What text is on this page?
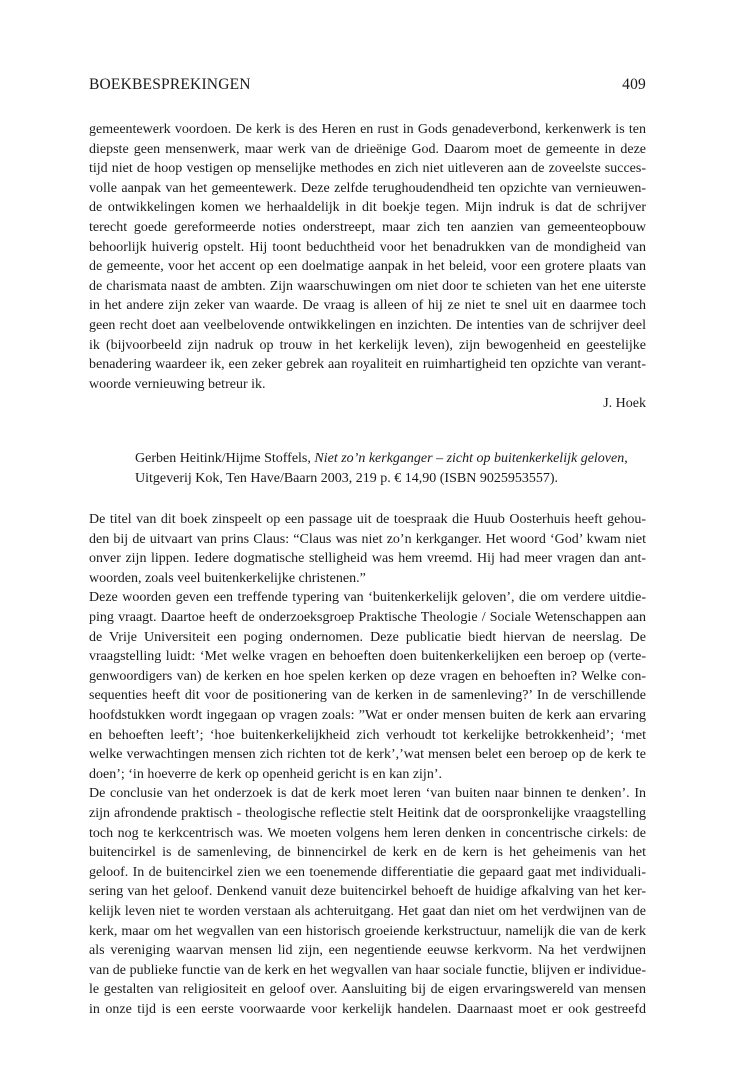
BOEKBESPREKINGEN	409
gemeentewerk voordoen. De kerk is des Heren en rust in Gods genadeverbond, kerkenwerk is ten
diepste geen mensenwerk, maar werk van de drieënige God. Daarom moet de gemeente in deze
tijd niet de hoop vestigen op menselijke methodes en zich niet uitleveren aan de zoveelste succes-
volle aanpak van het gemeentewerk. Deze zelfde terughoudendheid ten opzichte van vernieuwen-
de ontwikkelingen komen we herhaaldelijk in dit boekje tegen. Mijn indruk is dat de schrijver
terecht goede gereformeerde noties onderstreept, maar zich ten aanzien van gemeenteopbouw
behoorlijk huiverig opstelt. Hij toont beduchtheid voor het benadrukken van de mondigheid van
de gemeente, voor het accent op een doelmatige aanpak in het beleid, voor een grotere plaats van
de charismata naast de ambten. Zijn waarschuwingen om niet door te schieten van het ene uiterste
in het andere zijn zeker van waarde. De vraag is alleen of hij ze niet te snel uit en daarmee toch
geen recht doet aan veelbelovende ontwikkelingen en inzichten. De intenties van de schrijver deel
ik (bijvoorbeeld zijn nadruk op trouw in het kerkelijk leven), zijn bewogenheid en geestelijke
benadering waardeer ik, een zeker gebrek aan royaliteit en ruimhartigheid ten opzichte van verant-
woorde vernieuwing betreur ik.
J. Hoek
Gerben Heitink/Hijme Stoffels, Niet zo’n kerkganger – zicht op buitenkerkelijk geloven,
Uitgeverij Kok, Ten Have/Baarn 2003, 219 p. € 14,90 (ISBN 9025953557).
De titel van dit boek zinspeelt op een passage uit de toespraak die Huub Oosterhuis heeft gehou-
den bij de uitvaart van prins Claus: “Claus was niet zo’n kerkganger. Het woord ‘God’ kwam niet
onver zijn lippen. Iedere dogmatische stelligheid was hem vreemd. Hij had meer vragen dan ant-
woorden, zoals veel buitenkerkelijke christenen.”
Deze woorden geven een treffende typering van ‘buitenkerkelijk geloven’, die om verdere uitdie-
ping vraagt. Daartoe heeft de onderzoeksgroep Praktische Theologie / Sociale Wetenschappen aan
de Vrije Universiteit een poging ondernomen. Deze publicatie biedt hiervan de neerslag. De
vraagstelling luidt: ‘Met welke vragen en behoeften doen buitenkerkelijken een beroep op (verte-
genwoordigers van) de kerken en hoe spelen kerken op deze vragen en behoeften in? Welke con-
sequenties heeft dit voor de positionering van de kerken in de samenleving?’ In de verschillende
hoofdstukken wordt ingegaan op vragen zoals: ”Wat er onder mensen buiten de kerk aan ervaring
en behoeften leeft’; ‘hoe buitenkerkelijkheid zich verhoudt tot kerkelijke betrokkenheid’; ‘met
welke verwachtingen mensen zich richten tot de kerk’,’wat mensen belet een beroep op de kerk te
doen’; ‘in hoeverre de kerk op openheid gericht is en kan zijn’.
De conclusie van het onderzoek is dat de kerk moet leren ‘van buiten naar binnen te denken’. In
zijn afrondende praktisch - theologische reflectie stelt Heitink dat de oorspronkelijke vraagstelling
toch nog te kerkcentrisch was. We moeten volgens hem leren denken in concentrische cirkels: de
buitencirkel is de samenleving, de binnencirkel de kerk en de kern is het geheimenis van het
geloof. In de buitencirkel zien we een toenemende differentiatie die gepaard gaat met individuali-
sering van het geloof. Denkend vanuit deze buitencirkel behoeft de huidige afkalving van het ker-
kelijk leven niet te worden verstaan als achteruitgang. Het gaat dan niet om het verdwijnen van de
kerk, maar om het wegvallen van een historisch groeiende kerkstructuur, namelijk die van de kerk
als vereniging waarvan mensen lid zijn, een negentiende eeuwse kerkvorm. Na het verdwijnen
van de publieke functie van de kerk en het wegvallen van haar sociale functie, blijven er individue-
le gestalten van religiositeit en geloof over. Aansluiting bij de eigen ervaringswereld van mensen
in onze tijd is een eerste voorwaarde voor kerkelijk handelen. Daarnaast moet er ook gestreefd
